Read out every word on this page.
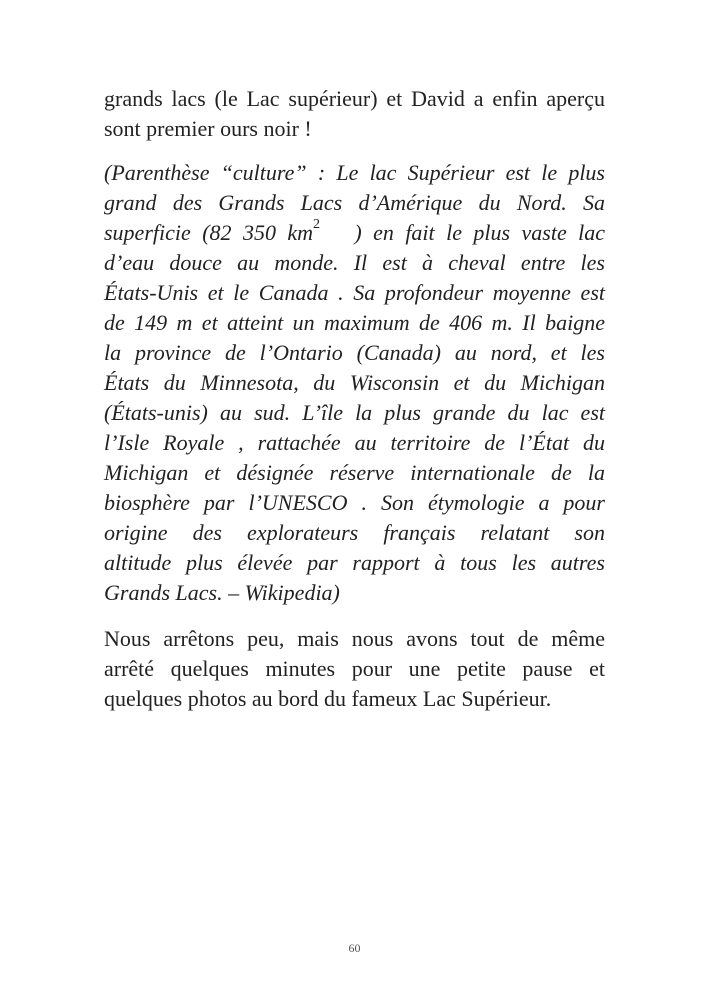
grands lacs (le Lac supérieur) et David a enfin aperçu
sont premier ours noir !
(Parenthèse “culture” : Le lac Supérieur est le plus
grand des Grands Lacs d’Amérique du Nord. Sa
superficie (82 350 $km^2$ ) en fait le plus vaste lac
d’eau douce au monde. Il est à cheval entre les
États-Unis et le Canada . Sa profondeur moyenne est
de 149 m et atteint un maximum de 406 m. Il baigne
la province de l’Ontario (Canada) au nord, et les
États du Minnesota, du Wisconsin et du Michigan
(États-unis) au sud. L’île la plus grande du lac est
l’Isle Royale , rattachée au territoire de l’État du
Michigan et désignée réserve internationale de la
biosphère par l’UNESCO . Son étymologie a pour
origine des explorateurs français relatant son
altitude plus élevée par rapport à tous les autres
Grands Lacs. – Wikipedia)
Nous arrêtons peu, mais nous avons tout de même
arrêté quelques minutes pour une petite pause et
quelques photos au bord du fameux Lac Supérieur.
60
